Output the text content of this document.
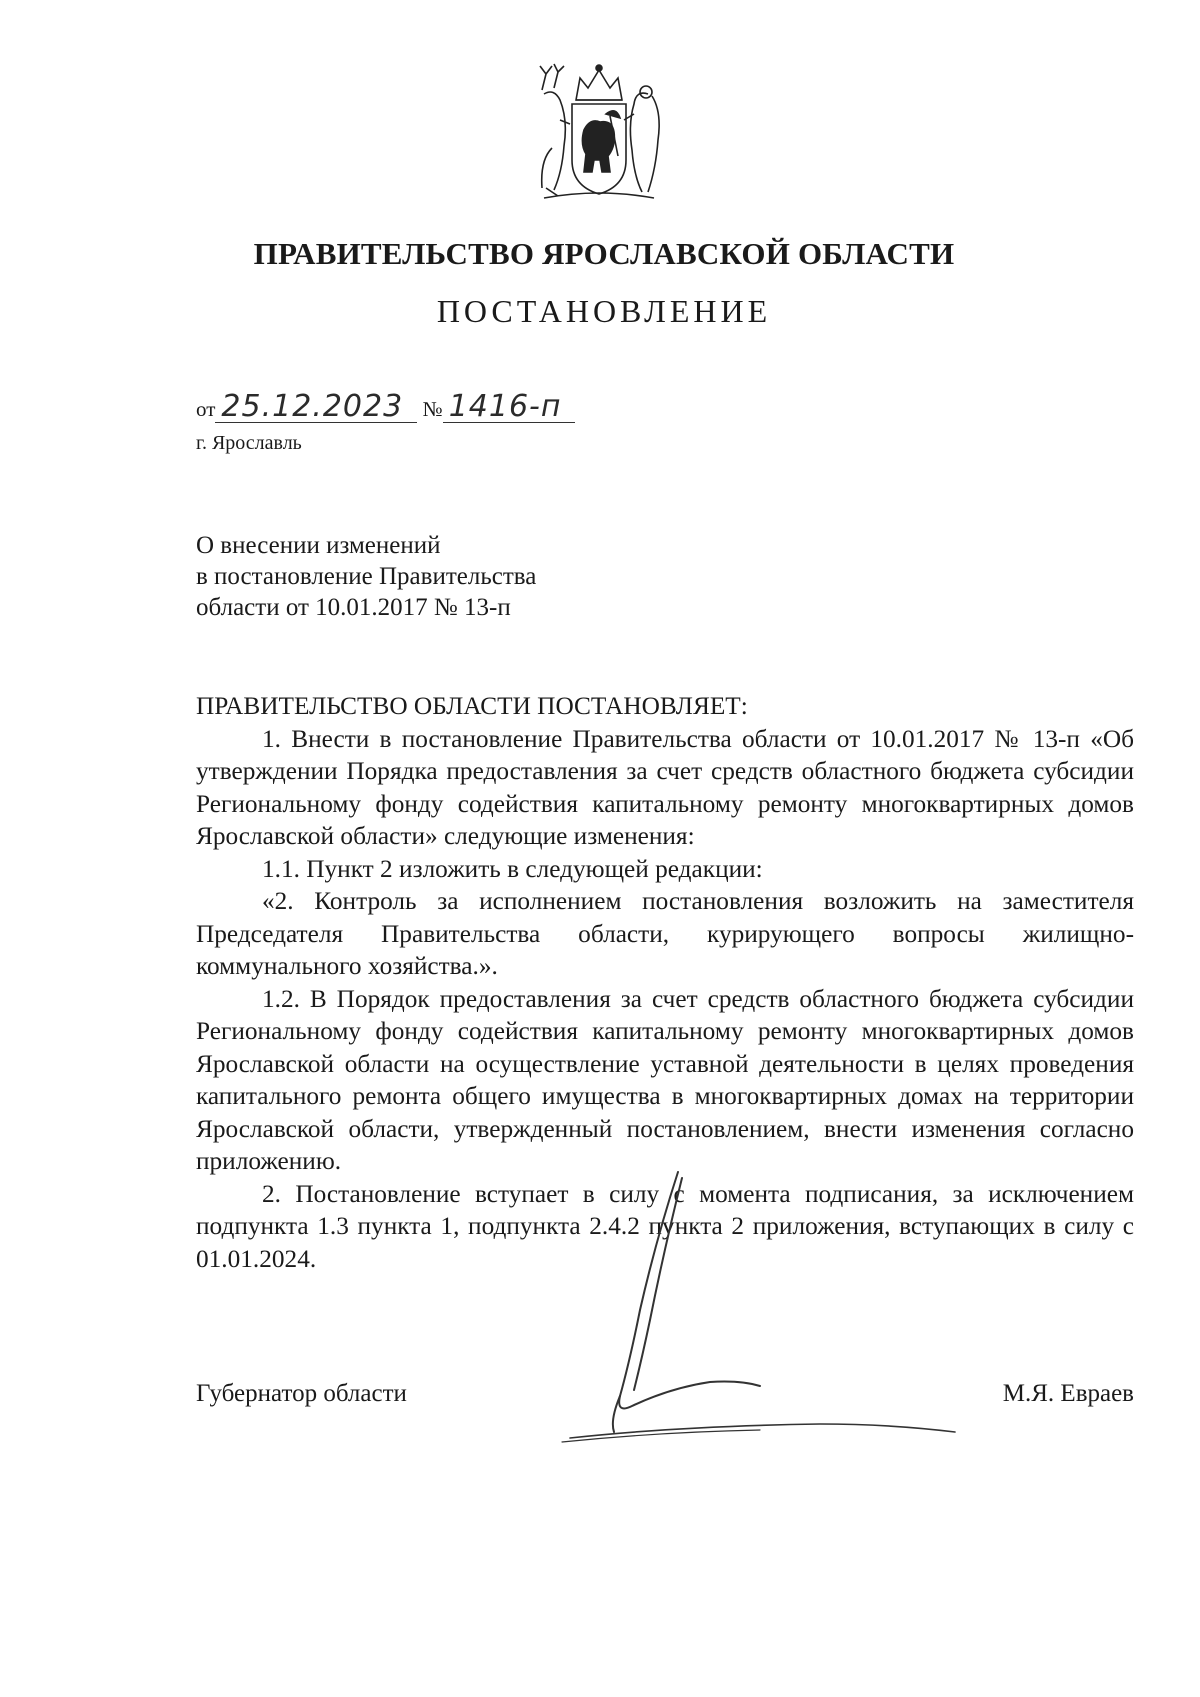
ПРАВИТЕЛЬСТВО ЯРОСЛАВСКОЙ ОБЛАСТИ
ПОСТАНОВЛЕНИЕ
от 25.12.2023 № 1416-п
г. Ярославль
О внесении изменений
в постановление Правительства
области от 10.01.2017 № 13-п

ПРАВИТЕЛЬСТВО ОБЛАСТИ ПОСТАНОВЛЯЕТ:

1. Внести в постановление Правительства области от 10.01.2017 № 13-п «Об утверждении Порядка предоставления за счет средств областного бюджета субсидии Региональному фонду содействия капитальному ремонту многоквартирных домов Ярославской области» следующие изменения:

1.1. Пункт 2 изложить в следующей редакции:

«2. Контроль за исполнением постановления возложить на заместителя Председателя Правительства области, курирующего вопросы жилищно-коммунального хозяйства.».

1.2. В Порядок предоставления за счет средств областного бюджета субсидии Региональному фонду содействия капитальному ремонту многоквартирных домов Ярославской области на осуществление уставной деятельности в целях проведения капитального ремонта общего имущества в многоквартирных домах на территории Ярославской области, утвержденный постановлением, внести изменения согласно приложению.

2. Постановление вступает в силу с момента подписания, за исключением подпункта 1.3 пункта 1, подпункта 2.4.2 пункта 2 приложения, вступающих в силу с 01.01.2024.

Губернатор области	М.Я. Евраев
